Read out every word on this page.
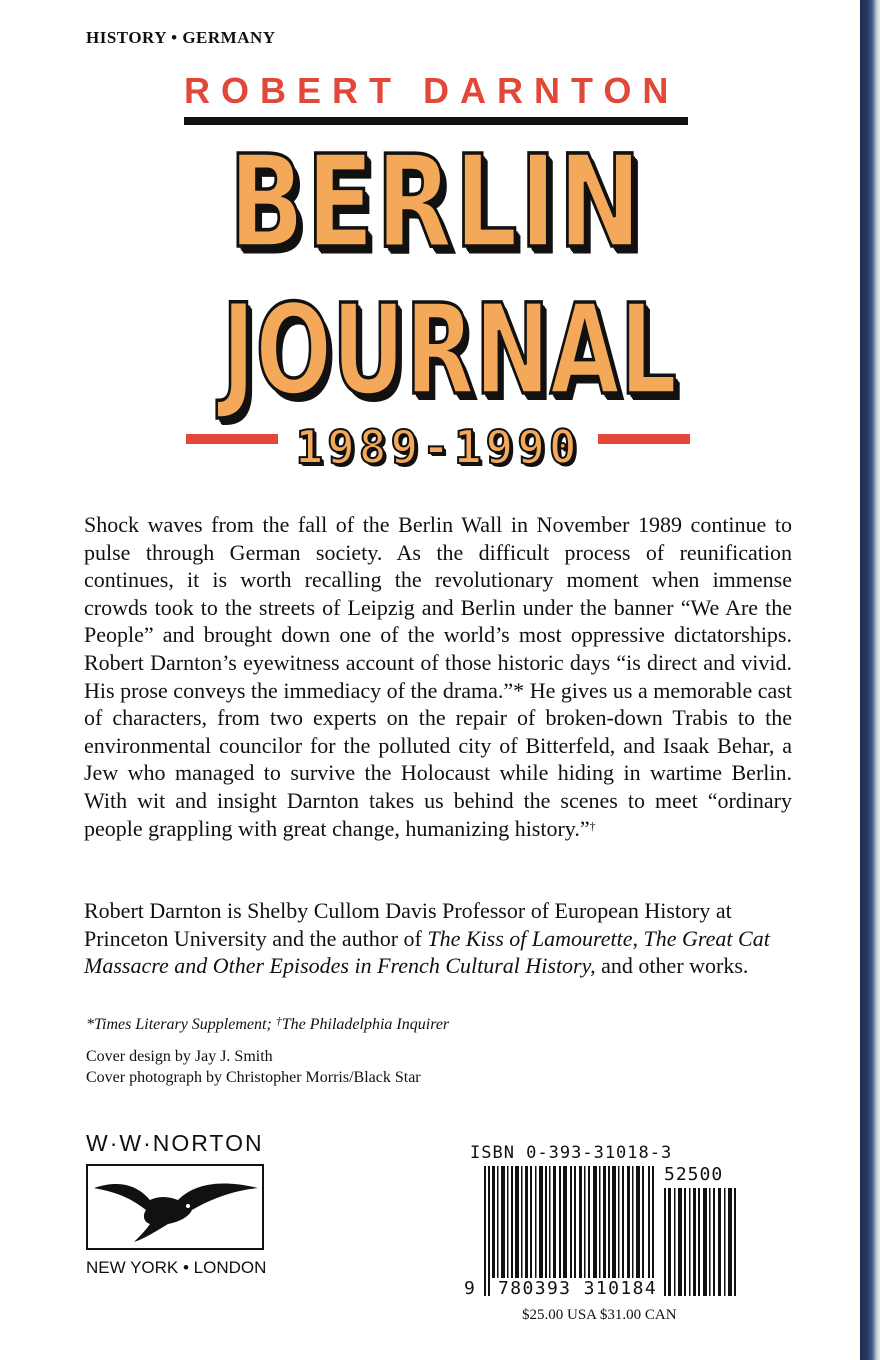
HISTORY • GERMANY
ROBERT DARNTON
BERLIN
JOURNAL
1989-1990

Shock waves from the fall of the Berlin Wall in November 1989 continue to pulse through German society. As the difficult process of reunification continues, it is worth recalling the revolutionary moment when immense crowds took to the streets of Leipzig and Berlin under the banner “We Are the People” and brought down one of the world’s most oppressive dictatorships. Robert Darnton’s eyewitness account of those historic days “is direct and vivid. His prose conveys the immediacy of the drama.”* He gives us a memorable cast of characters, from two experts on the repair of broken-down Trabis to the environmental councilor for the polluted city of Bitterfeld, and Isaak Behar, a Jew who managed to survive the Holocaust while hiding in wartime Berlin. With wit and insight Darnton takes us behind the scenes to meet “ordinary people grappling with great change, humanizing history.”†

Robert Darnton is Shelby Cullom Davis Professor of European History at Princeton University and the author of The Kiss of Lamourette, The Great Cat Massacre and Other Episodes in French Cultural History, and other works.

*Times Literary Supplement; †The Philadelphia Inquirer
Cover design by Jay J. Smith
Cover photograph by Christopher Morris/Black Star
W·W·NORTON
NEW YORK • LONDON
ISBN 0-393-31018-3
52500
9 780393 310184
$25.00 USA $31.00 CAN
